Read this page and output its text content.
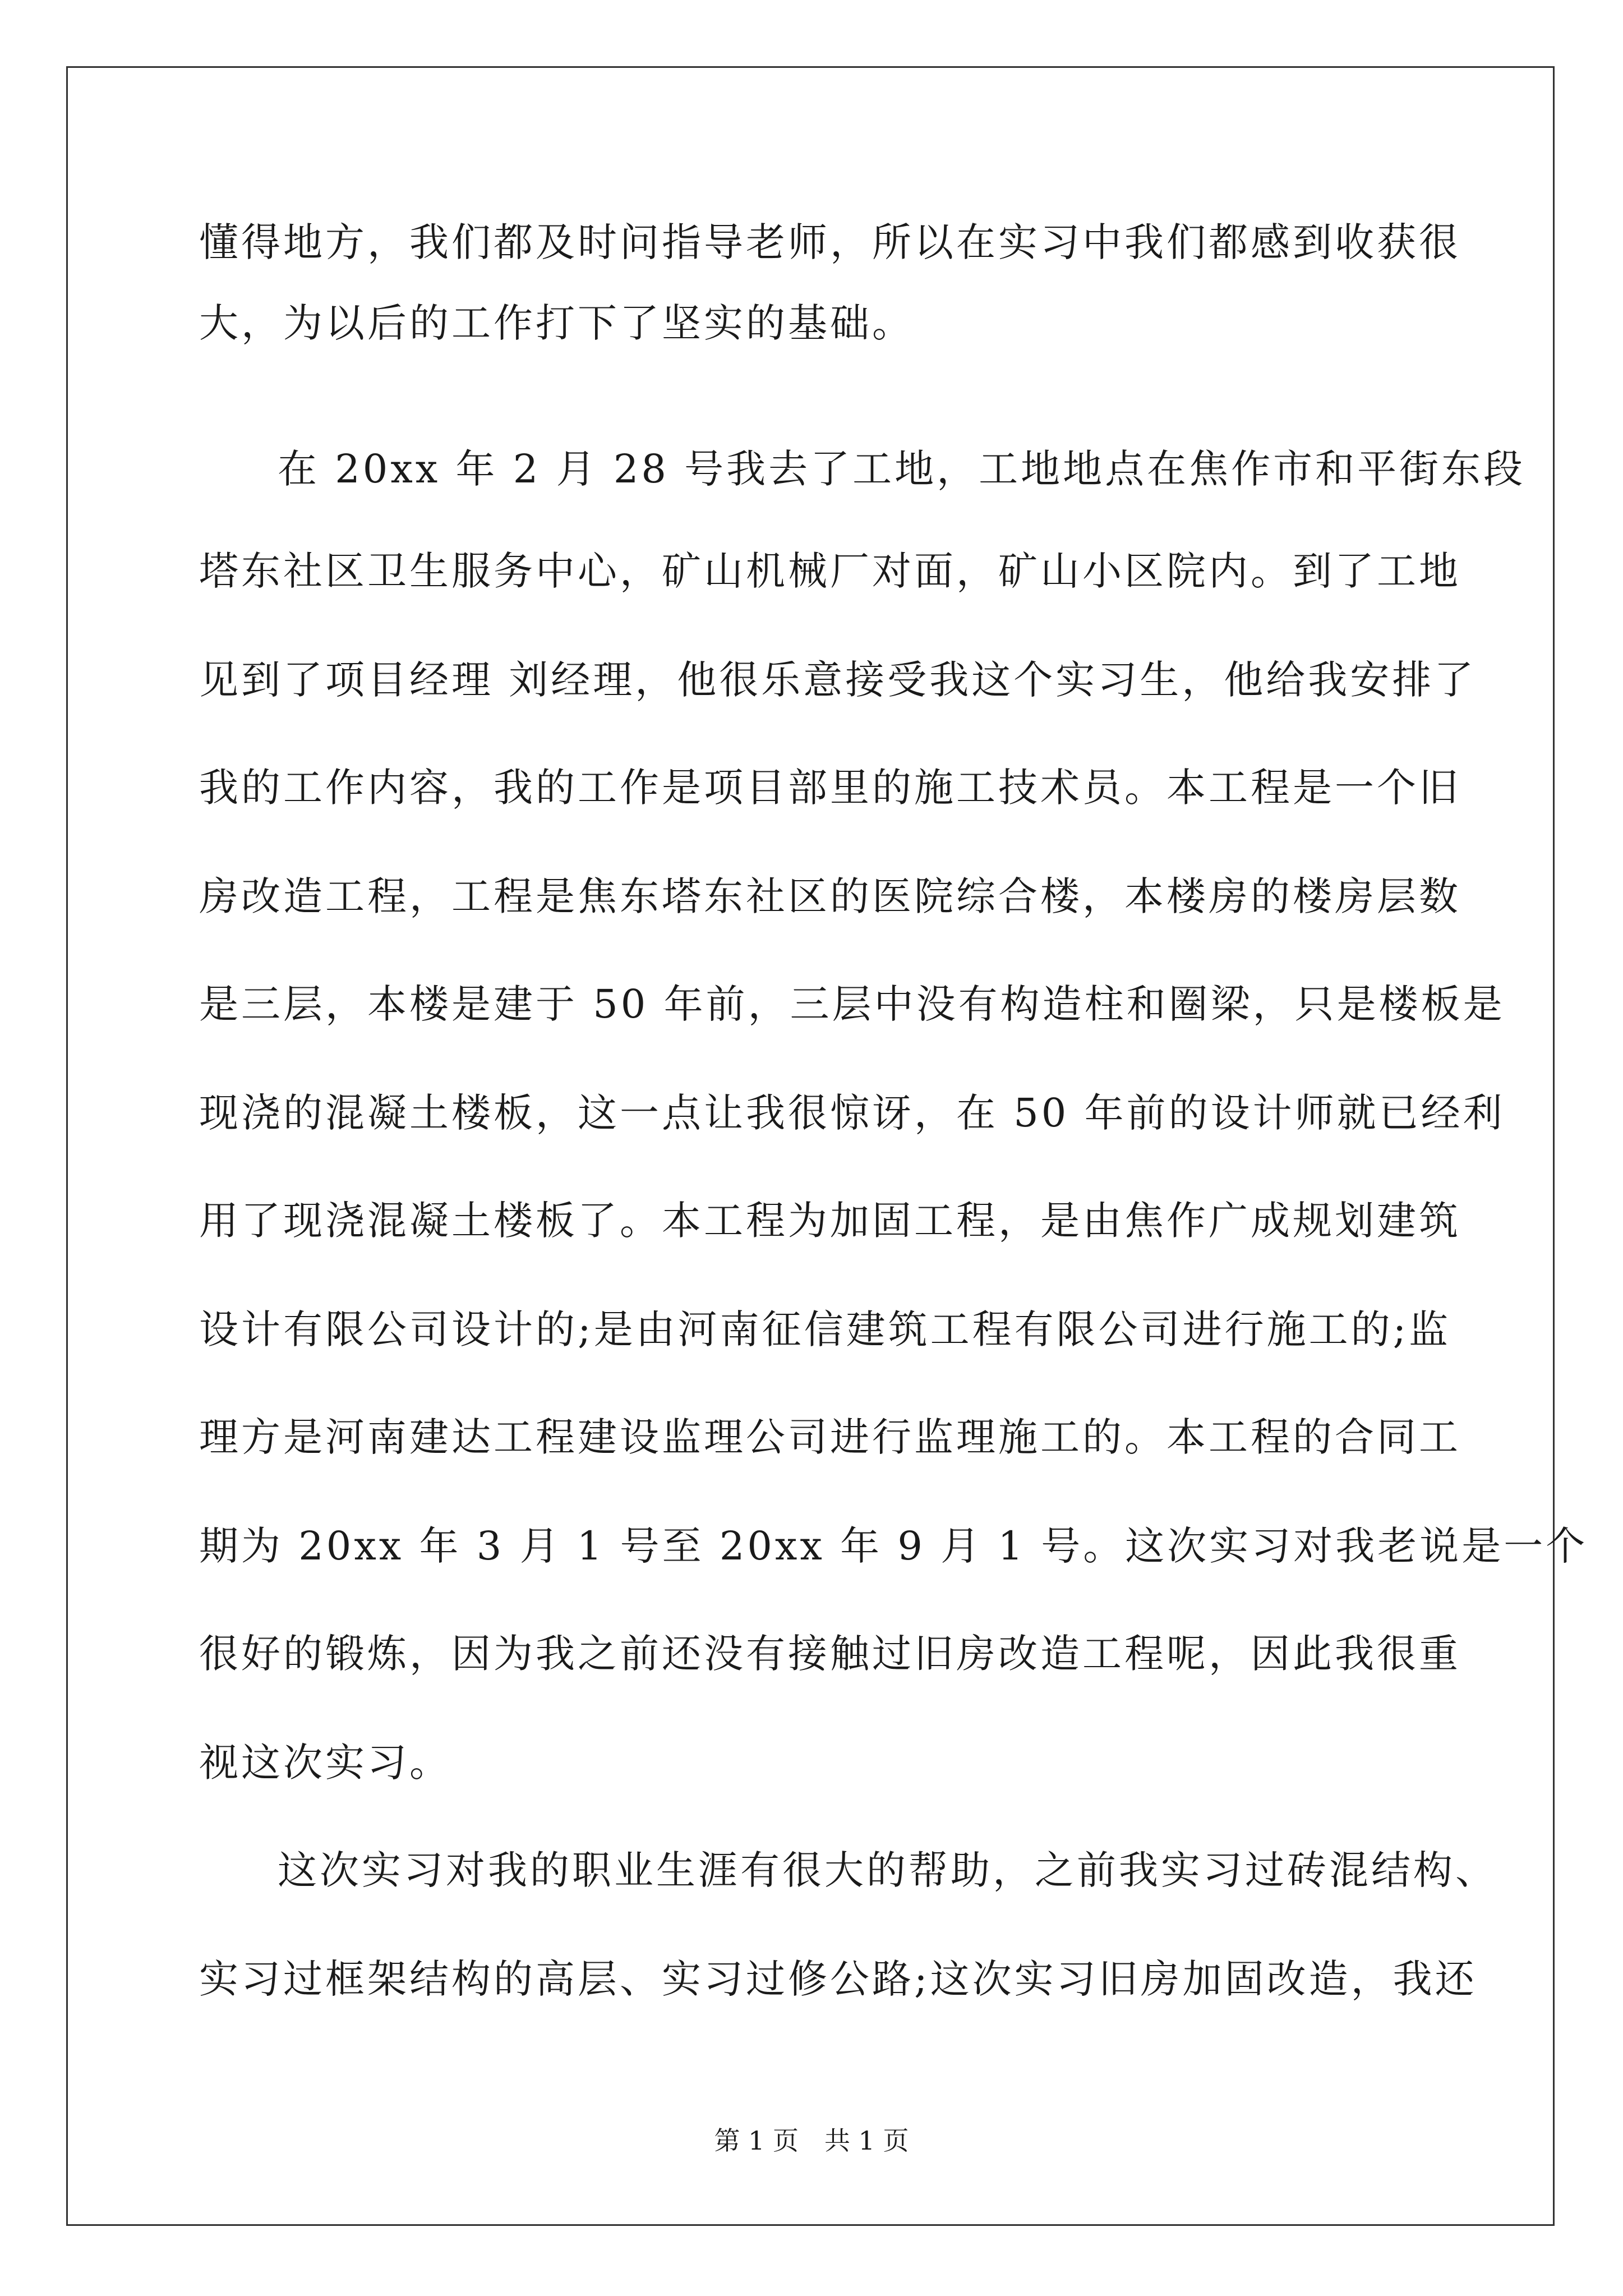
懂得地方，我们都及时问指导老师，所以在实习中我们都感到收获很
大，为以后的工作打下了坚实的基础。
在 20xx 年 2 月 28 号我去了工地，工地地点在焦作市和平街东段
塔东社区卫生服务中心，矿山机械厂对面，矿山小区院内。到了工地
见到了项目经理 刘经理，他很乐意接受我这个实习生，他给我安排了
我的工作内容，我的工作是项目部里的施工技术员。本工程是一个旧
房改造工程，工程是焦东塔东社区的医院综合楼，本楼房的楼房层数
是三层，本楼是建于 50 年前，三层中没有构造柱和圈梁，只是楼板是
现浇的混凝土楼板，这一点让我很惊讶，在 50 年前的设计师就已经利
用了现浇混凝土楼板了。本工程为加固工程，是由焦作广成规划建筑
设计有限公司设计的;是由河南征信建筑工程有限公司进行施工的;监
理方是河南建达工程建设监理公司进行监理施工的。本工程的合同工
期为 20xx 年 3 月 1 号至 20xx 年 9 月 1 号。这次实习对我老说是一个
很好的锻炼，因为我之前还没有接触过旧房改造工程呢，因此我很重
视这次实习。
这次实习对我的职业生涯有很大的帮助，之前我实习过砖混结构、
实习过框架结构的高层、实习过修公路;这次实习旧房加固改造，我还
第 1 页　共 1 页
